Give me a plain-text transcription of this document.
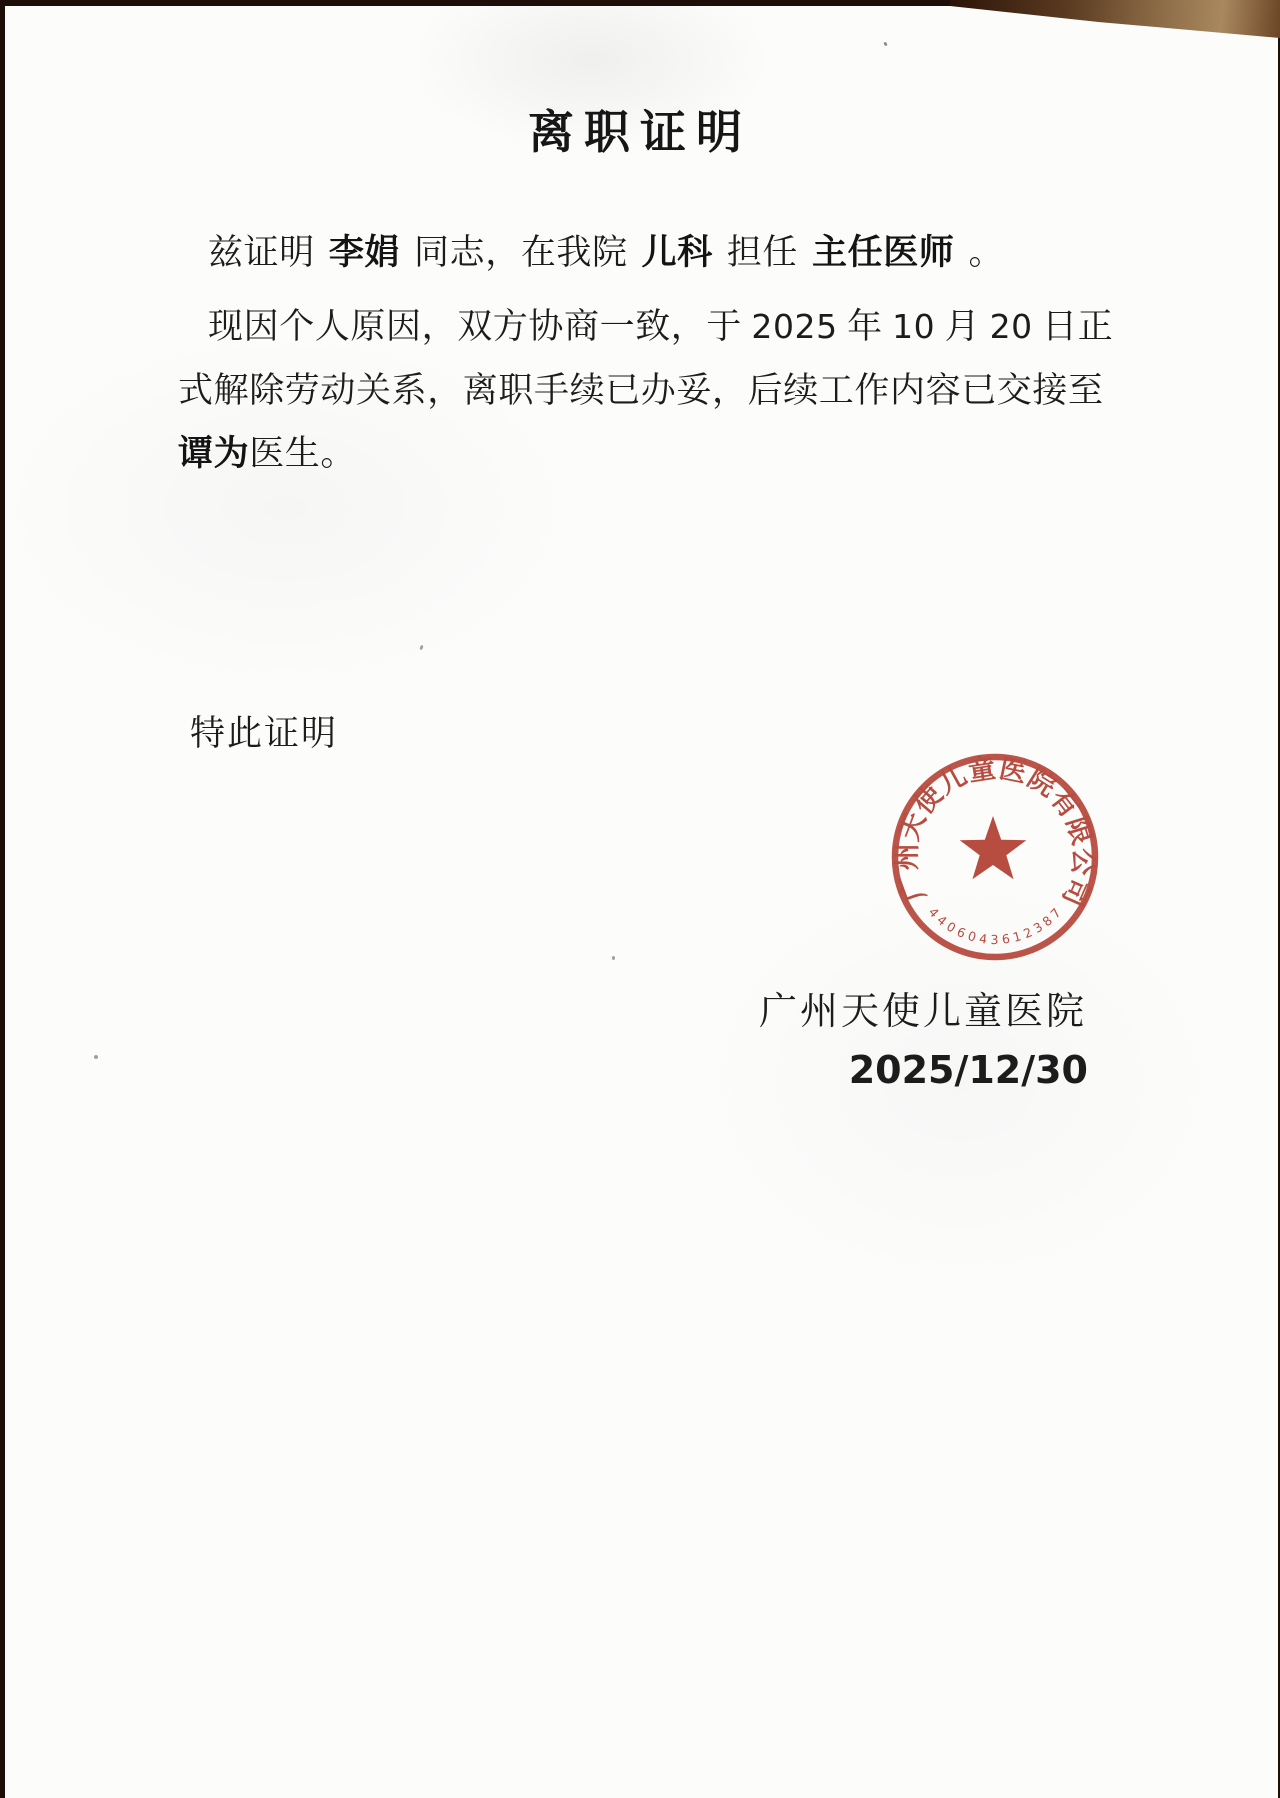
离职证明
兹证明 李娟 同志，在我院 儿科 担任 主任医师 。
现因个人原因，双方协商一致，于 2025 年 10 月 20 日正
式解除劳动关系，离职手续已办妥，后续工作内容已交接至
谭为医生。
特此证明
广州天使儿童医院有限公司
4406043612387
广州天使儿童医院
2025/12/30
